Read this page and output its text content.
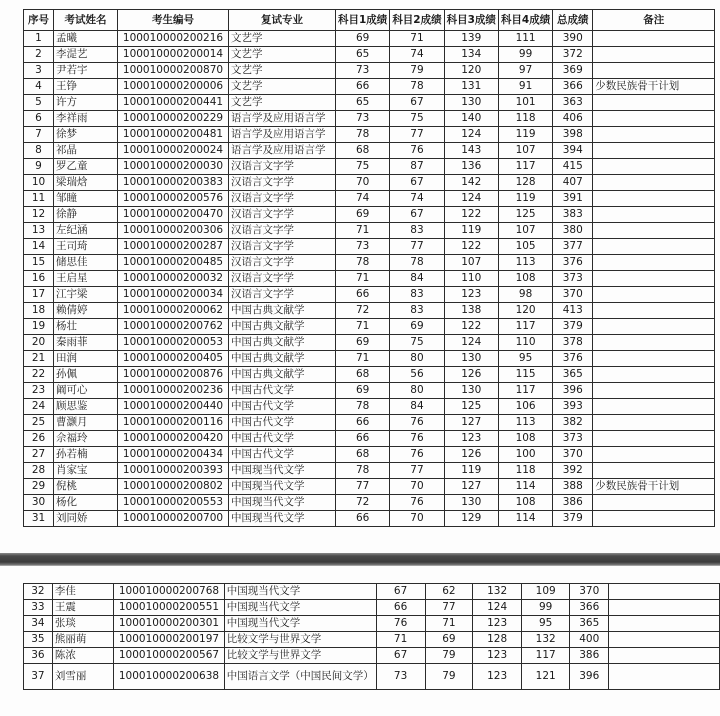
序号	考试姓名	考生编号	复试专业	科目1成绩	科目2成绩	科目3成绩	科目4成绩	总成绩	备注
1	孟曦	100010000200216	文艺学	69	71	139	111	390	
2	李湜艺	100010000200014	文艺学	65	74	134	99	372	
3	尹若宇	100010000200870	文艺学	73	79	120	97	369	
4	王铮	100010000200006	文艺学	66	78	131	91	366	少数民族骨干计划
5	许方	100010000200441	文艺学	65	67	130	101	363	
6	李祥雨	100010000200229	语言学及应用语言学	73	75	140	118	406	
7	徐梦	100010000200481	语言学及应用语言学	78	77	124	119	398	
8	祁晶	100010000200024	语言学及应用语言学	68	76	143	107	394	
9	罗乙童	100010000200030	汉语言文字学	75	87	136	117	415	
10	梁瑞焓	100010000200383	汉语言文字学	70	67	142	128	407	
11	邹瞳	100010000200576	汉语言文字学	74	74	124	119	391	
12	徐静	100010000200470	汉语言文字学	69	67	122	125	383	
13	左纪涵	100010000200306	汉语言文字学	71	83	119	107	380	
14	王司琦	100010000200287	汉语言文字学	73	77	122	105	377	
15	储思佳	100010000200485	汉语言文字学	78	78	107	113	376	
16	王启星	100010000200032	汉语言文字学	71	84	110	108	373	
17	江宇梁	100010000200034	汉语言文字学	66	83	123	98	370	
18	赖倩婷	100010000200062	中国古典文献学	72	83	138	120	413	
19	杨壮	100010000200762	中国古典文献学	71	69	122	117	379	
20	秦雨菲	100010000200053	中国古典文献学	69	75	124	110	378	
21	田润	100010000200405	中国古典文献学	71	80	130	95	376	
22	孙佩	100010000200876	中国古典文献学	68	56	126	115	365	
23	阚可心	100010000200236	中国古代文学	69	80	130	117	396	
24	顾思鉴	100010000200440	中国古代文学	78	84	125	106	393	
25	曹灏月	100010000200116	中国古代文学	66	76	127	113	382	
26	佘福玲	100010000200420	中国古代文学	66	76	123	108	373	
27	孙若楠	100010000200434	中国古代文学	68	76	126	100	370	
28	肖家宝	100010000200393	中国现当代文学	78	77	119	118	392	
29	倪桃	100010000200802	中国现当代文学	77	70	127	114	388	少数民族骨干计划
30	杨化	100010000200553	中国现当代文学	72	76	130	108	386	
31	刘同娇	100010000200700	中国现当代文学	66	70	129	114	379	
32	李佳	100010000200768	中国现当代文学	67	62	132	109	370	
33	王震	100010000200551	中国现当代文学	66	77	124	99	366	
34	张琰	100010000200301	中国现当代文学	76	71	123	95	365	
35	熊丽萌	100010000200197	比较文学与世界文学	71	69	128	132	400	
36	陈浓	100010000200567	比较文学与世界文学	67	79	123	117	386	
37	刘雪丽	100010000200638	中国语言文学（中国民间文学）	73	79	123	121	396	
